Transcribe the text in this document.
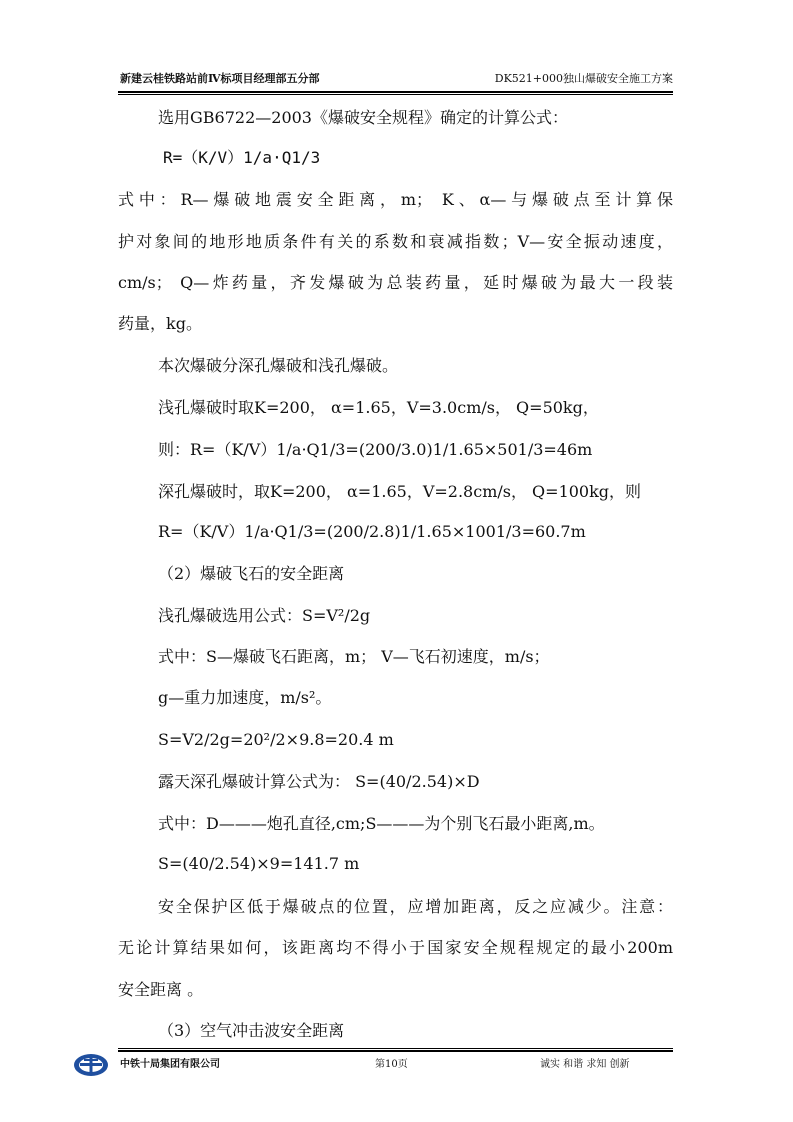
新建云桂铁路站前Ⅳ标项目经理部五分部	DK521+000独山爆破安全施工方案
选用GB6722—2003《爆破安全规程》确定的计算公式：
R=（K/V）1/a·Q1/3
式中：R—爆破地震安全距离，m； K、α—与爆破点至计算保
护对象间的地形地质条件有关的系数和衰减指数；V—安全振动速度，
cm/s； Q—炸药量，齐发爆破为总装药量，延时爆破为最大一段装
药量，kg。
本次爆破分深孔爆破和浅孔爆破。
浅孔爆破时取K=200， α=1.65，V=3.0cm/s， Q=50kg，
则：R=（K/V）1/a·Q1/3=(200/3.0)1/1.65×501/3=46m
深孔爆破时，取K=200， α=1.65，V=2.8cm/s， Q=100kg，则
R=（K/V）1/a·Q1/3=(200/2.8)1/1.65×1001/3=60.7m
（2）爆破飞石的安全距离
浅孔爆破选用公式：S=V²/2g
式中：S—爆破飞石距离，m； V—飞石初速度，m/s；
g—重力加速度，m/s²。
S=V2/2g=20²/2×9.8=20.4 m
露天深孔爆破计算公式为： S=(40/2.54)×D
式中：D———炮孔直径,cm;S———为个别飞石最小距离,m。
S=(40/2.54)×9=141.7 m
安全保护区低于爆破点的位置，应增加距离，反之应减少。注意：
无论计算结果如何，该距离均不得小于国家安全规程规定的最小200m
安全距离 。
（3）空气冲击波安全距离
中铁十局集团有限公司	第10页	诚实 和谐 求知 创新
